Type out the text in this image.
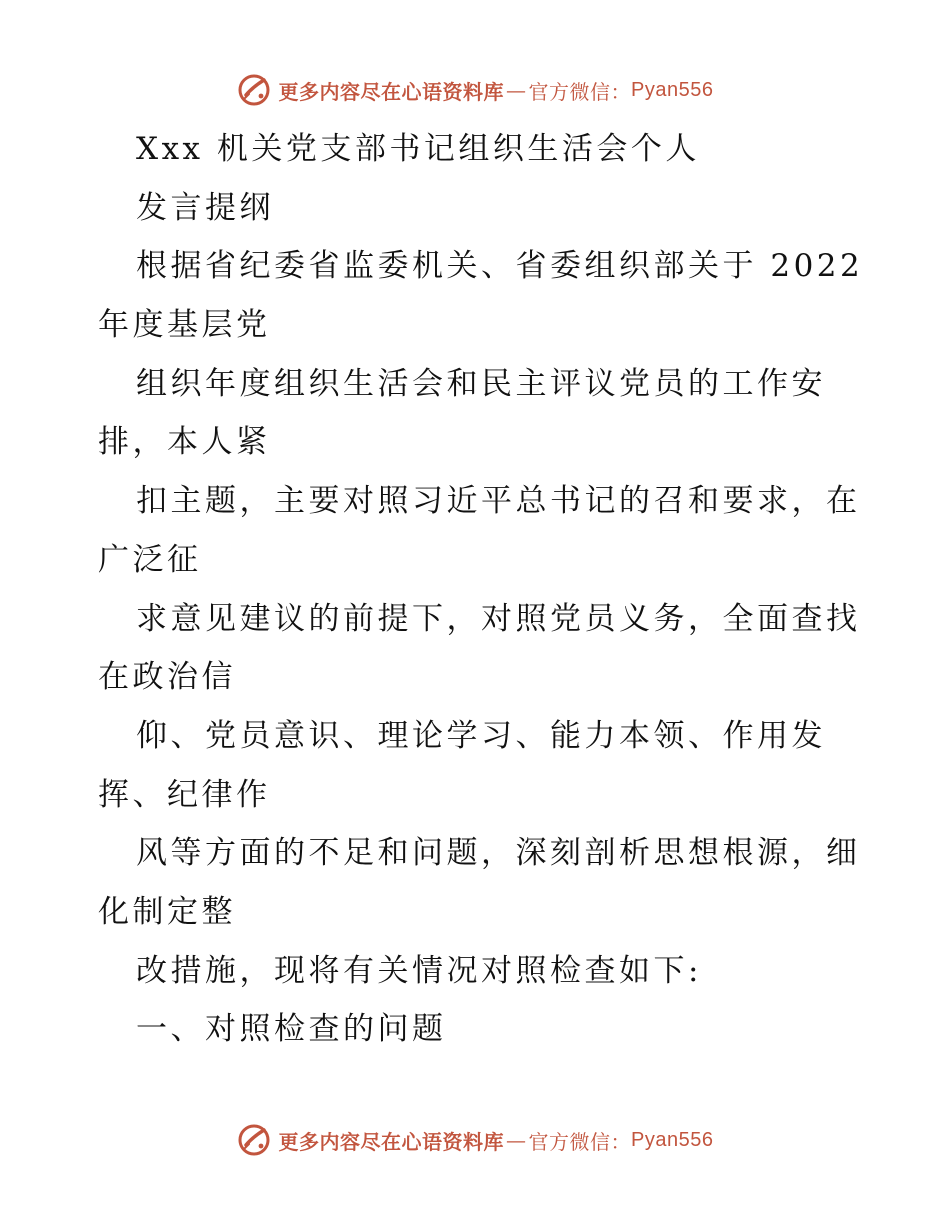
更多内容尽在心语资料库 — 官方微信： Pyan556
Xxx 机关党支部书记组织生活会个人
发言提纲
根据省纪委省监委机关、省委组织部关于 2022
年度基层党
组织年度组织生活会和民主评议党员的工作安
排，本人紧
扣主题，主要对照习近平总书记的召和要求，在
广泛征
求意见建议的前提下，对照党员义务，全面查找
在政治信
仰、党员意识、理论学习、能力本领、作用发
挥、纪律作
风等方面的不足和问题，深刻剖析思想根源，细
化制定整
改措施，现将有关情况对照检查如下:
一、对照检查的问题
更多内容尽在心语资料库 — 官方微信： Pyan556
